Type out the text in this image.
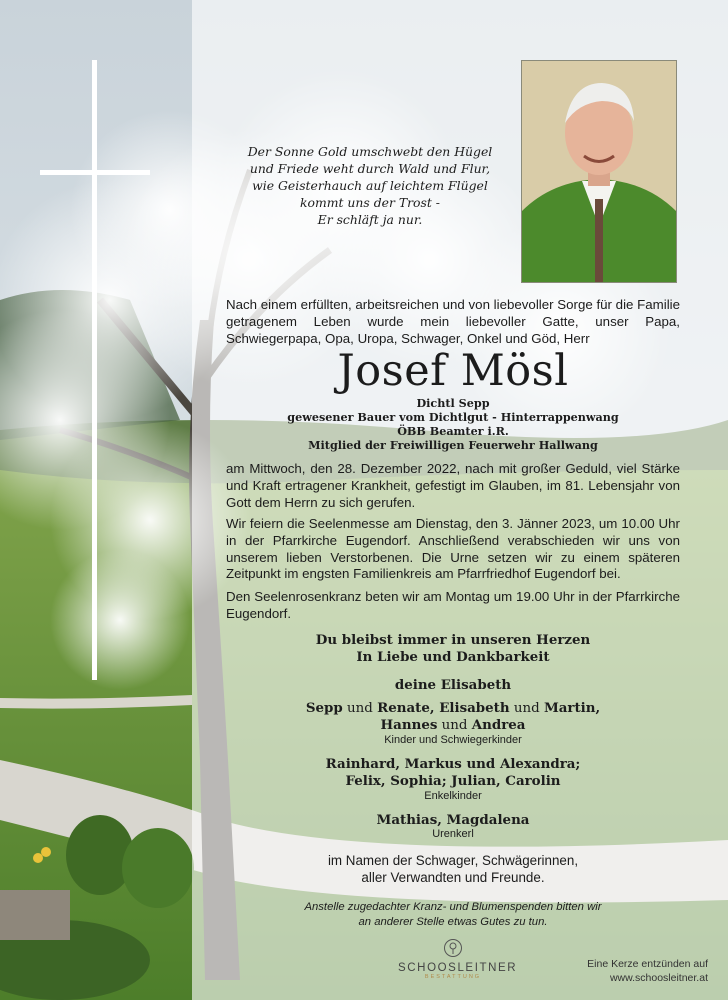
Der Sonne Gold umschwebt den Hügel
und Friede weht durch Wald und Flur,
wie Geisterhauch auf leichtem Flügel
kommt uns der Trost -
Er schläft ja nur.
Nach einem erfüllten, arbeitsreichen und von liebevoller Sorge für die Familie getragenem Leben wurde mein liebevoller Gatte, unser Papa, Schwiegerpapa, Opa, Uropa, Schwager, Onkel und Göd, Herr
Josef Mösl
Dichtl Sepp
gewesener Bauer vom Dichtlgut - Hinterrappenwang
ÖBB Beamter i.R.
Mitglied der Freiwilligen Feuerwehr Hallwang
am Mittwoch, den 28. Dezember 2022, nach mit großer Geduld, viel Stärke und Kraft ertragener Krankheit, gefestigt im Glauben, im 81. Lebensjahr von Gott dem Herrn zu sich gerufen.
Wir feiern die Seelenmesse am Dienstag, den 3. Jänner 2023, um 10.00 Uhr in der Pfarrkirche Eugendorf. Anschließend verabschieden wir uns von unserem lieben Verstorbenen. Die Urne setzen wir zu einem späteren Zeitpunkt im engsten Familienkreis am Pfarrfriedhof Eugendorf bei.
Den Seelenrosenkranz beten wir am Montag um 19.00 Uhr in der Pfarrkirche Eugendorf.
Du bleibst immer in unseren Herzen
In Liebe und Dankbarkeit
deine Elisabeth
Sepp und Renate, Elisabeth und Martin,
Hannes und Andrea
Kinder und Schwiegerkinder
Rainhard, Markus und Alexandra;
Felix, Sophia; Julian, Carolin
Enkelkinder
Mathias, Magdalena
Urenkerl
im Namen der Schwager, Schwägerinnen,
aller Verwandten und Freunde.
Anstelle zugedachter Kranz- und Blumenspenden bitten wir
an anderer Stelle etwas Gutes zu tun.
SCHOOSLEITNER
BESTATTUNG
Eine Kerze entzünden auf
www.schoosleitner.at
